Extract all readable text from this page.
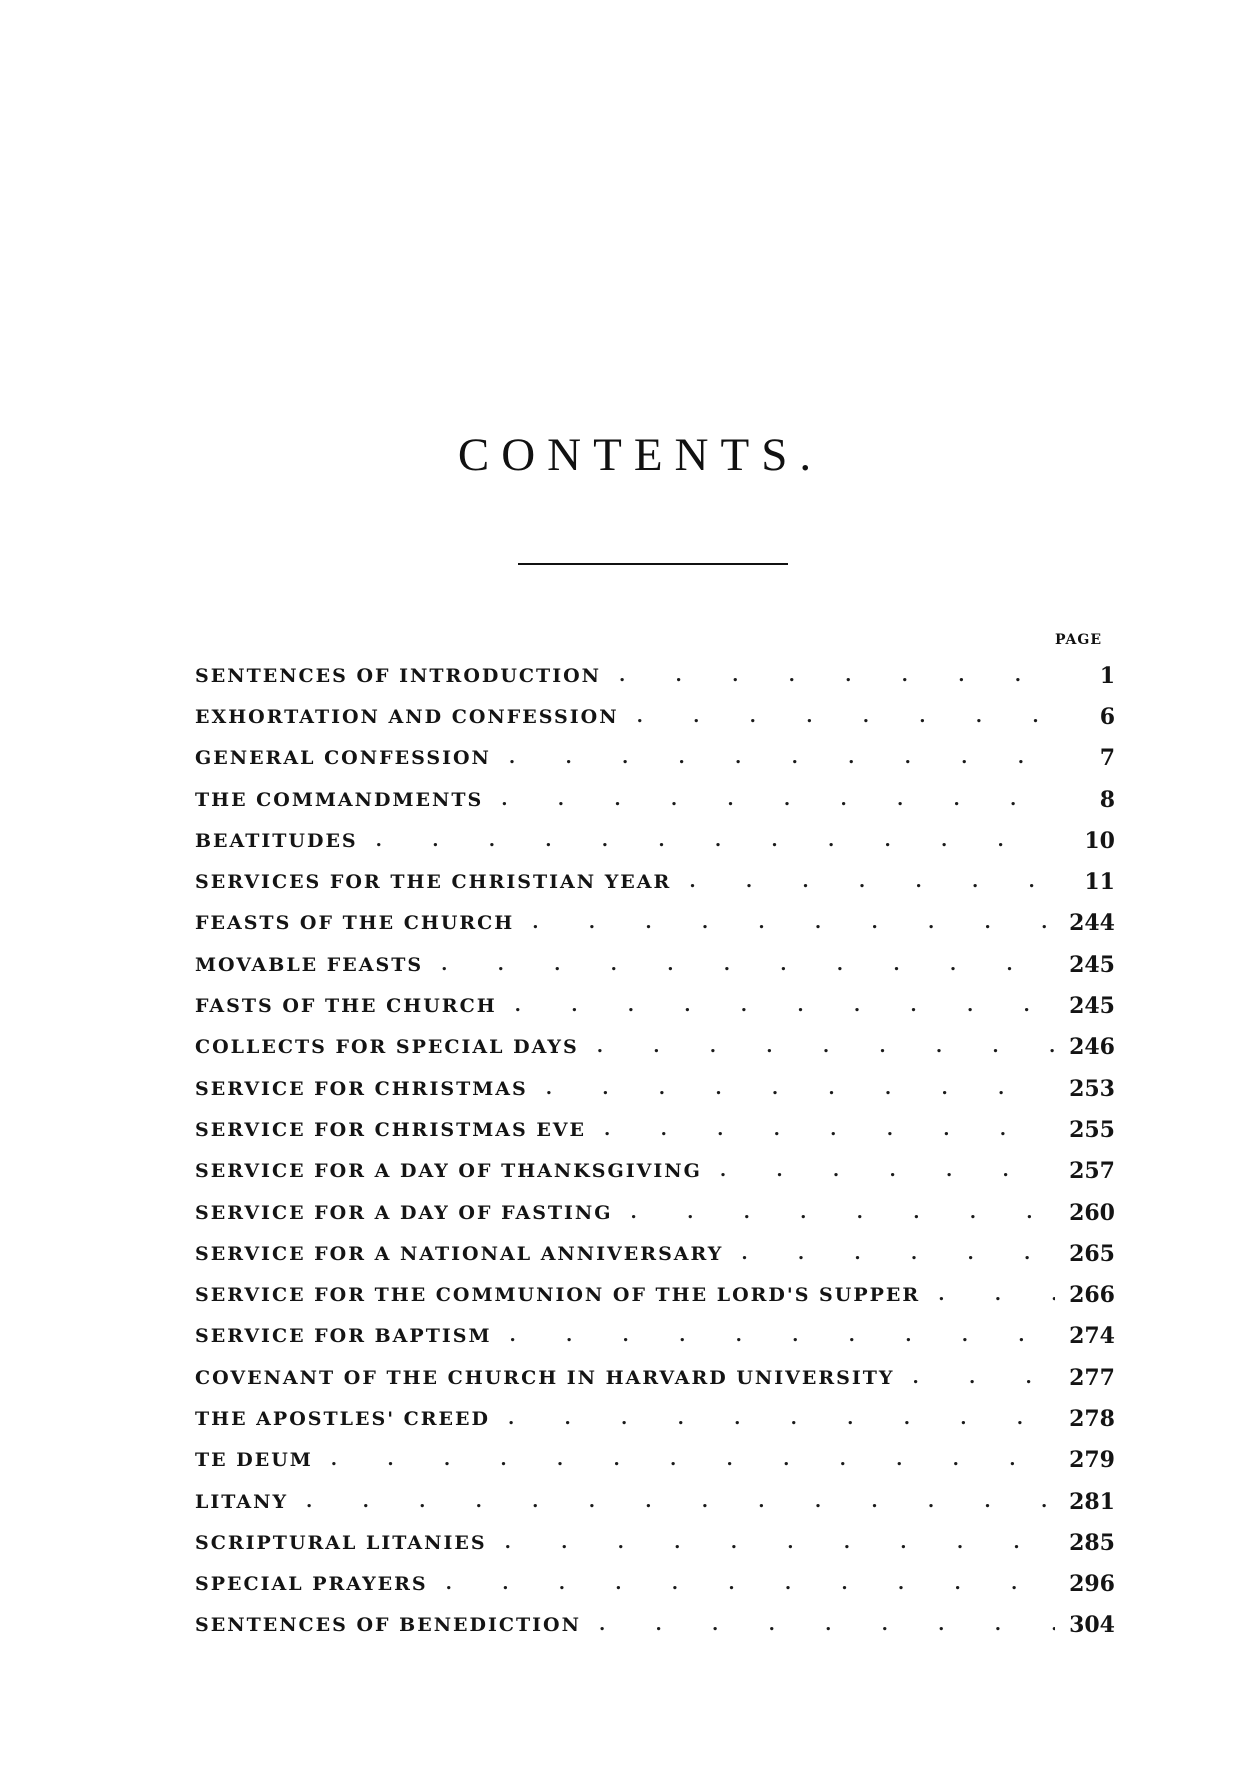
CONTENTS.
PAGE
SENTENCES OF INTRODUCTION . . .	1
EXHORTATION AND CONFESSION . . .	6
GENERAL CONFESSION . . .	7
THE COMMANDMENTS . . .	8
BEATITUDES . . .	10
SERVICES FOR THE CHRISTIAN YEAR . . .	11
FEASTS OF THE CHURCH . . .	244
MOVABLE FEASTS . . .	245
FASTS OF THE CHURCH . . .	245
COLLECTS FOR SPECIAL DAYS . . .	246
SERVICE FOR CHRISTMAS . . .	253
SERVICE FOR CHRISTMAS EVE . . .	255
SERVICE FOR A DAY OF THANKSGIVING . . .	257
SERVICE FOR A DAY OF FASTING . . .	260
SERVICE FOR A NATIONAL ANNIVERSARY . . .	265
SERVICE FOR THE COMMUNION OF THE LORD'S SUPPER . . .	266
SERVICE FOR BAPTISM . . .	274
COVENANT OF THE CHURCH IN HARVARD UNIVERSITY . . .	277
THE APOSTLES' CREED . . .	278
TE DEUM . . .	279
LITANY . . .	281
SCRIPTURAL LITANIES . . .	285
SPECIAL PRAYERS . . .	296
SENTENCES OF BENEDICTION . . .	304
